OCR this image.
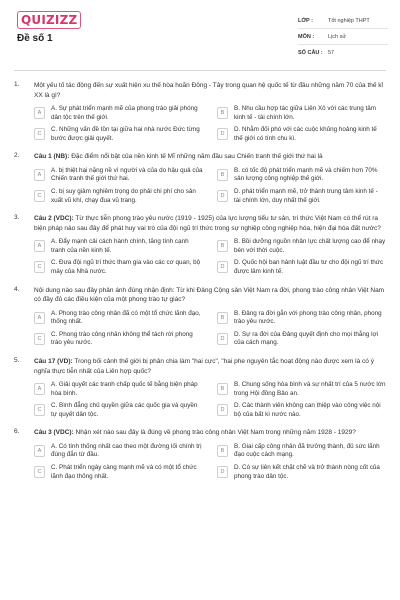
QUIZIZZ
Đề số 1
LỚP :	Tốt nghiệp THPT
MÔN :	Lịch sử
SỐ CÂU : 57
1. Một yếu tố tác động đến sự xuất hiện xu thế hòa hoãn Đông - Tây trong quan hệ quốc tế từ đầu những năm 70 của thế kỉ XX là gì?
A
A. Sự phát triển mạnh mẽ của phong trào giải phóng dân tộc trên thế giới.
B
B. Nhu cầu hợp tác giữa Liên Xô với các trung tâm kinh tế - tài chính lớn.
C
C. Những vấn đề tồn tại giữa hai nhà nước Đức từng bước được giải quyết.
D
D. Nhằm đối phó với các cuộc khủng hoảng kinh tế thế giới có tính chu kì.
2. Câu 1 (NB): Đặc điểm nổi bật của nền kinh tế Mĩ những năm đầu sau Chiến tranh thế giới thứ hai là
A
A. bị thiệt hại nặng nề vì người và của do hậu quả của Chiến tranh thế giới thứ hai.
B
B. có tốc độ phát triển mạnh mẽ và chiếm hơn 70% sản lượng công nghiệp thế giới.
C
C. bị suy giảm nghiêm trọng do phải chi phí cho sản xuất vũ khí, chạy đua vũ trang.
D
D. phát triển mạnh mẽ, trở thành trung tâm kinh tế - tài chính lớn, duy nhất thế giới.
3. Câu 2 (VDC): Từ thực tiễn phong trào yêu nước (1919 - 1925) của lực lượng tiểu tư sản, trí thức Việt Nam có thể rút ra biện pháp nào sau đây để phát huy vai trò của đội ngũ trí thức trong sự nghiệp công nghiệp hóa, hiện đại hóa đất nước?
A
A. Đẩy mạnh cải cách hành chính, tăng tính cạnh tranh của nền kinh tế.
B
B. Bồi dưỡng nguồn nhân lực chất lượng cao để nhạy bén với thời cuộc.
C
C. Đưa đội ngũ trí thức tham gia vào các cơ quan, bộ máy của Nhà nước.
D
D. Quốc hội ban hành luật đầu tư cho đội ngũ trí thức được lâm kinh tế.
4. Nội dung nào sau đây phản ánh đúng nhận định: Từ khi Đảng Cộng sản Việt Nam ra đời, phong trào công nhân Việt Nam có đầy đủ các điều kiện của một phong trào tự giác?
A
A. Phong trào công nhân đã có một tổ chức lãnh đạo, thống nhất.
B
B. Đảng ra đời gắn với phong trào công nhân, phong trào yêu nước.
C
C. Phong trào công nhân không thể tách rời phong trào yêu nước.
D
D. Sự ra đời của Đảng quyết định cho mọi thắng lợi của cách mạng.
5. Câu 17 (VD): Trong bối cảnh thế giới bị phân chia làm "hai cực", "hai phe nguyên tắc hoạt động nào được xem là có ý nghĩa thực tiễn nhất của Liên hợp quốc?
A
A. Giải quyết các tranh chấp quốc tế bằng biện pháp hòa bình.
B
B. Chung sống hòa bình và sự nhất trí của 5 nước lớn trong Hội đồng Bảo an.
C
C. Bình đẳng chủ quyền giữa các quốc gia và quyền tự quyết dân tộc.
D
D. Các thành viên không can thiệp vào công việc nội bộ của bất kì nước nào.
6. Câu 3 (VDC): Nhận xét nào sau đây là đúng về phong trào công nhân Việt Nam trong những năm 1928 - 1929?
A
A. Có tính thống nhất cao theo một đường lối chính trị đúng đắn từ đầu.
B
B. Giai cấp công nhân đã trưởng thành, đủ sức lãnh đạo cuộc cách mạng.
C
C. Phát triển ngày càng mạnh mẽ và có một tổ chức lãnh đạo thống nhất.
D
D. Có sự liên kết chặt chẽ và trở thành nòng cốt của phong trào dân tộc.
